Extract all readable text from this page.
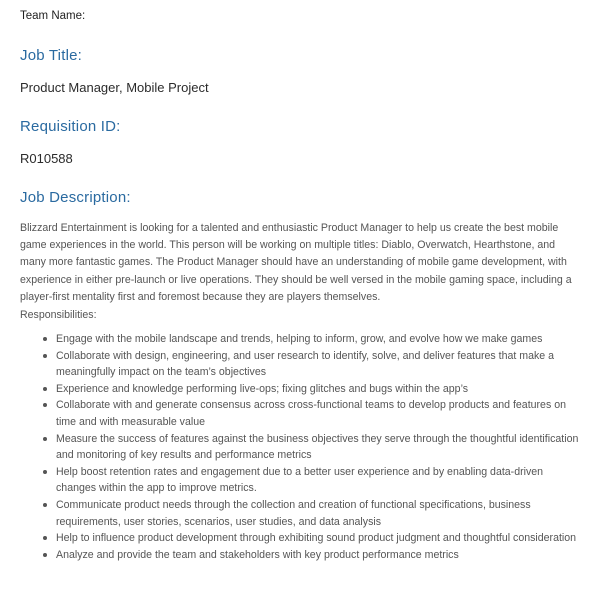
Team Name:
Job Title:
Product Manager, Mobile Project
Requisition ID:
R010588
Job Description:

Blizzard Entertainment is looking for a talented and enthusiastic Product Manager to help us create the best mobile game experiences in the world. This person will be working on multiple titles: Diablo, Overwatch, Hearthstone, and many more fantastic games. The Product Manager should have an understanding of mobile game development, with experience in either pre-launch or live operations. They should be well versed in the mobile gaming space, including a player-first mentality first and foremost because they are players themselves.

Responsibilities:
Engage with the mobile landscape and trends, helping to inform, grow, and evolve how we make games
Collaborate with design, engineering, and user research to identify, solve, and deliver features that make a meaningfully impact on the team’s objectives
Experience and knowledge performing live-ops; fixing glitches and bugs within the app’s
Collaborate with and generate consensus across cross-functional teams to develop products and features on time and with measurable value
Measure the success of features against the business objectives they serve through the thoughtful identification and monitoring of key results and performance metrics
Help boost retention rates and engagement due to a better user experience and by enabling data-driven changes within the app to improve metrics.
Communicate product needs through the collection and creation of functional specifications, business requirements, user stories, scenarios, user studies, and data analysis
Help to influence product development through exhibiting sound product judgment and thoughtful consideration
Analyze and provide the team and stakeholders with key product performance metrics
